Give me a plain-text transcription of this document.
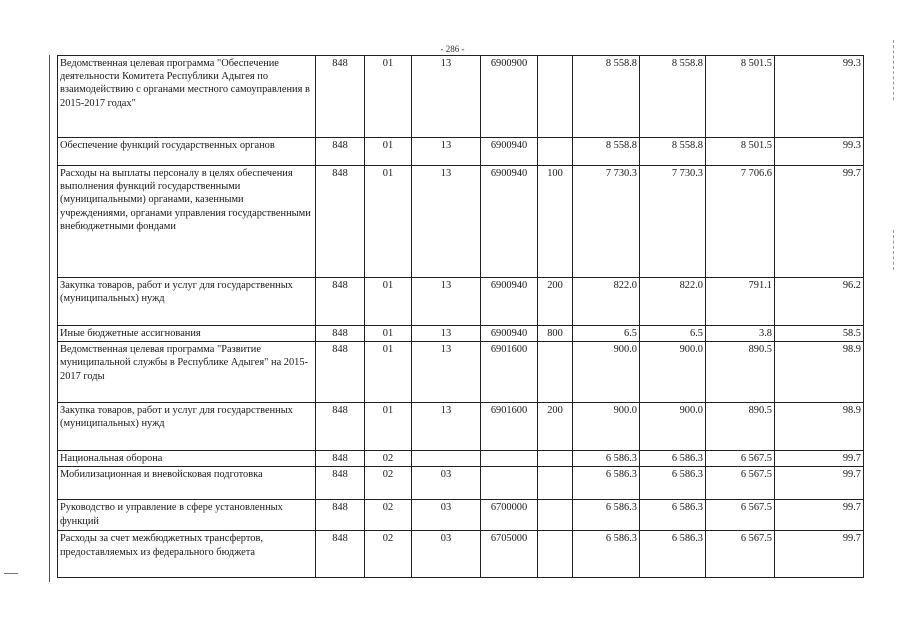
- 286 -
Ведомственная целевая программа "Обеспечение деятельности Комитета Республики Адыгея по взаимодействию с органами местного самоуправления в 2015-2017 годах"	848	01	13	6900900		8 558.8	8 558.8	8 501.5	99.3
Обеспечение функций государственных органов	848	01	13	6900940		8 558.8	8 558.8	8 501.5	99.3
Расходы на выплаты персоналу в целях обеспечения выполнения функций государственными (муниципальными) органами, казенными учреждениями, органами управления государственными внебюджетными фондами	848	01	13	6900940	100	7 730.3	7 730.3	7 706.6	99.7
Закупка товаров, работ и услуг для государственных (муниципальных) нужд	848	01	13	6900940	200	822.0	822.0	791.1	96.2
Иные бюджетные ассигнования	848	01	13	6900940	800	6.5	6.5	3.8	58.5
Ведомственная целевая программа "Развитие муниципальной службы в Республике Адыгея" на 2015-2017 годы	848	01	13	6901600		900.0	900.0	890.5	98.9
Закупка товаров, работ и услуг для государственных (муниципальных) нужд	848	01	13	6901600	200	900.0	900.0	890.5	98.9
Национальная оборона	848	02				6 586.3	6 586.3	6 567.5	99.7
Мобилизационная и вневойсковая подготовка	848	02	03			6 586.3	6 586.3	6 567.5	99.7
Руководство и управление в сфере установленных функций	848	02	03	6700000		6 586.3	6 586.3	6 567.5	99.7
Расходы за счет межбюджетных трансфертов, предоставляемых из федерального бюджета	848	02	03	6705000		6 586.3	6 586.3	6 567.5	99.7
